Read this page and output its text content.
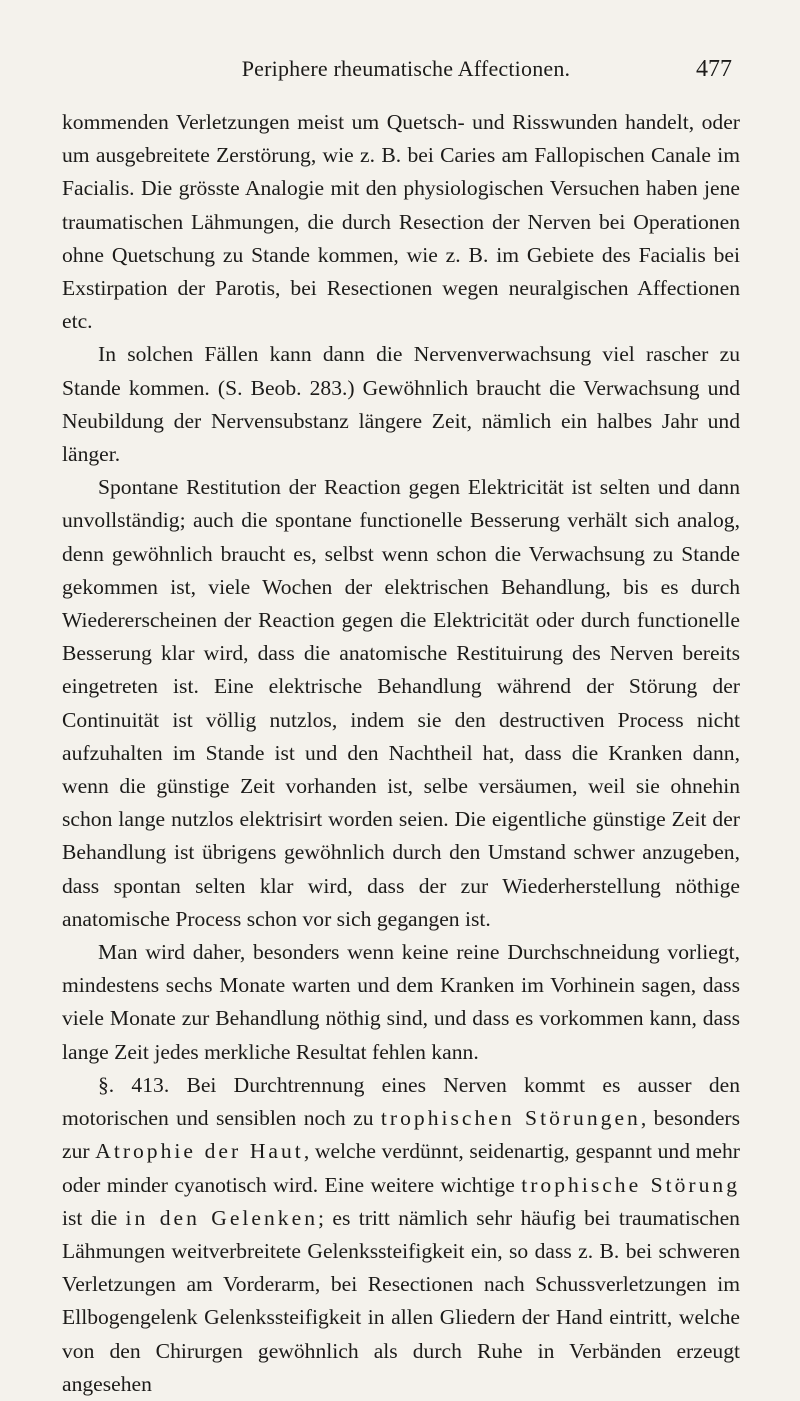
Periphere rheumatische Affectionen.	477

kommenden Verletzungen meist um Quetsch- und Risswunden handelt, oder um ausgebreitete Zerstörung, wie z. B. bei Caries am Fallopischen Canale im Facialis. Die grösste Analogie mit den physiologischen Versuchen haben jene traumatischen Lähmungen, die durch Resection der Nerven bei Operationen ohne Quetschung zu Stande kommen, wie z. B. im Gebiete des Facialis bei Exstirpation der Parotis, bei Resectionen wegen neuralgischen Affectionen etc.

In solchen Fällen kann dann die Nervenverwachsung viel rascher zu Stande kommen. (S. Beob. 283.) Gewöhnlich braucht die Verwachsung und Neubildung der Nervensubstanz längere Zeit, nämlich ein halbes Jahr und länger.

Spontane Restitution der Reaction gegen Elektricität ist selten und dann unvollständig; auch die spontane functionelle Besserung verhält sich analog, denn gewöhnlich braucht es, selbst wenn schon die Verwachsung zu Stande gekommen ist, viele Wochen der elektrischen Behandlung, bis es durch Wiedererscheinen der Reaction gegen die Elektricität oder durch functionelle Besserung klar wird, dass die anatomische Restituirung des Nerven bereits eingetreten ist. Eine elektrische Behandlung während der Störung der Continuität ist völlig nutzlos, indem sie den destructiven Process nicht aufzuhalten im Stande ist und den Nachtheil hat, dass die Kranken dann, wenn die günstige Zeit vorhanden ist, selbe versäumen, weil sie ohnehin schon lange nutzlos elektrisirt worden seien. Die eigentliche günstige Zeit der Behandlung ist übrigens gewöhnlich durch den Umstand schwer anzugeben, dass spontan selten klar wird, dass der zur Wiederherstellung nöthige anatomische Process schon vor sich gegangen ist.

Man wird daher, besonders wenn keine reine Durchschneidung vorliegt, mindestens sechs Monate warten und dem Kranken im Vorhinein sagen, dass viele Monate zur Behandlung nöthig sind, und dass es vorkommen kann, dass lange Zeit jedes merkliche Resultat fehlen kann.

§. 413. Bei Durchtrennung eines Nerven kommt es ausser den motorischen und sensiblen noch zu trophischen Störungen, besonders zur Atrophie der Haut, welche verdünnt, seidenartig, gespannt und mehr oder minder cyanotisch wird. Eine weitere wichtige trophische Störung ist die in den Gelenken; es tritt nämlich sehr häufig bei traumatischen Lähmungen weitverbreitete Gelenkssteifigkeit ein, so dass z. B. bei schweren Verletzungen am Vorderarm, bei Resectionen nach Schussverletzungen im Ellbogengelenk Gelenkssteifigkeit in allen Gliedern der Hand eintritt, welche von den Chirurgen gewöhnlich als durch Ruhe in Verbänden erzeugt angesehen
